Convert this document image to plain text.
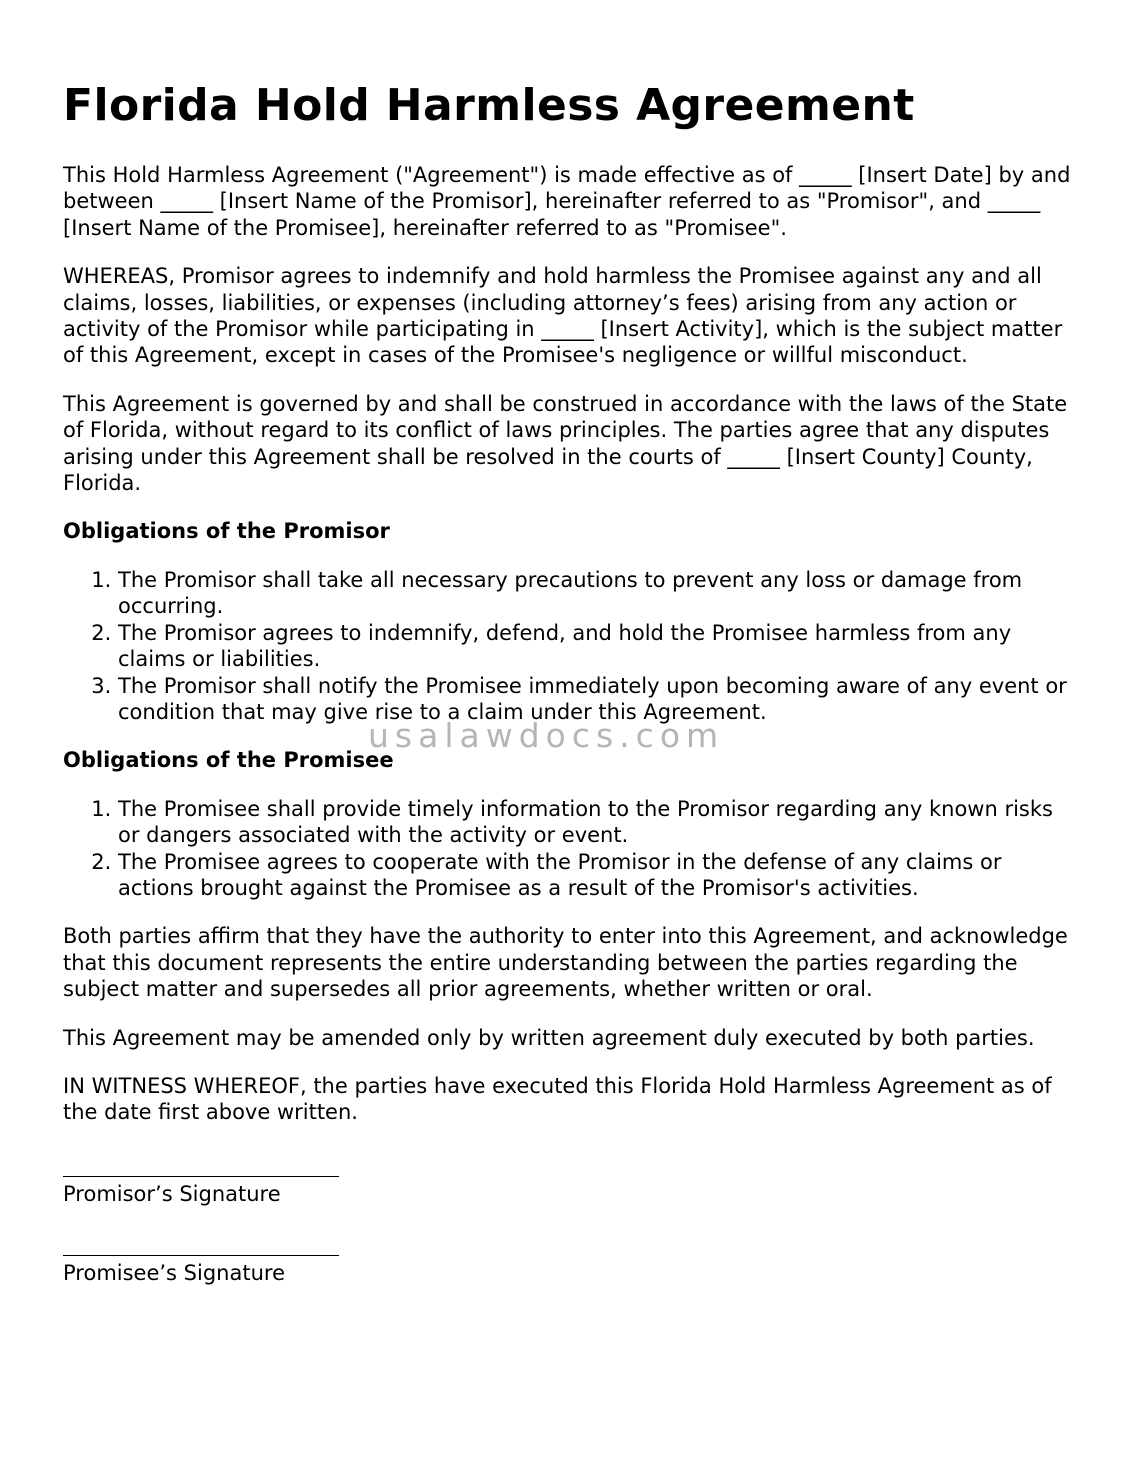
Florida Hold Harmless Agreement

This Hold Harmless Agreement ("Agreement") is made effective as of _____ [Insert Date] by and between _____ [Insert Name of the Promisor], hereinafter referred to as "Promisor", and _____ [Insert Name of the Promisee], hereinafter referred to as "Promisee".

WHEREAS, Promisor agrees to indemnify and hold harmless the Promisee against any and all claims, losses, liabilities, or expenses (including attorney’s fees) arising from any action or activity of the Promisor while participating in _____ [Insert Activity], which is the subject matter of this Agreement, except in cases of the Promisee's negligence or willful misconduct.

This Agreement is governed by and shall be construed in accordance with the laws of the State of Florida, without regard to its conflict of laws principles. The parties agree that any disputes arising under this Agreement shall be resolved in the courts of _____ [Insert County] County, Florida.

Obligations of the Promisor
1. The Promisor shall take all necessary precautions to prevent any loss or damage from occurring.
2. The Promisor agrees to indemnify, defend, and hold the Promisee harmless from any claims or liabilities.
3. The Promisor shall notify the Promisee immediately upon becoming aware of any event or condition that may give rise to a claim under this Agreement.
Obligations of the Promisee
1. The Promisee shall provide timely information to the Promisor regarding any known risks or dangers associated with the activity or event.
2. The Promisee agrees to cooperate with the Promisor in the defense of any claims or actions brought against the Promisee as a result of the Promisor's activities.

Both parties affirm that they have the authority to enter into this Agreement, and acknowledge that this document represents the entire understanding between the parties regarding the subject matter and supersedes all prior agreements, whether written or oral.

This Agreement may be amended only by written agreement duly executed by both parties.

IN WITNESS WHEREOF, the parties have executed this Florida Hold Harmless Agreement as of the date first above written.

Promisor’s Signature
Promisee’s Signature
usalawdocs.com
